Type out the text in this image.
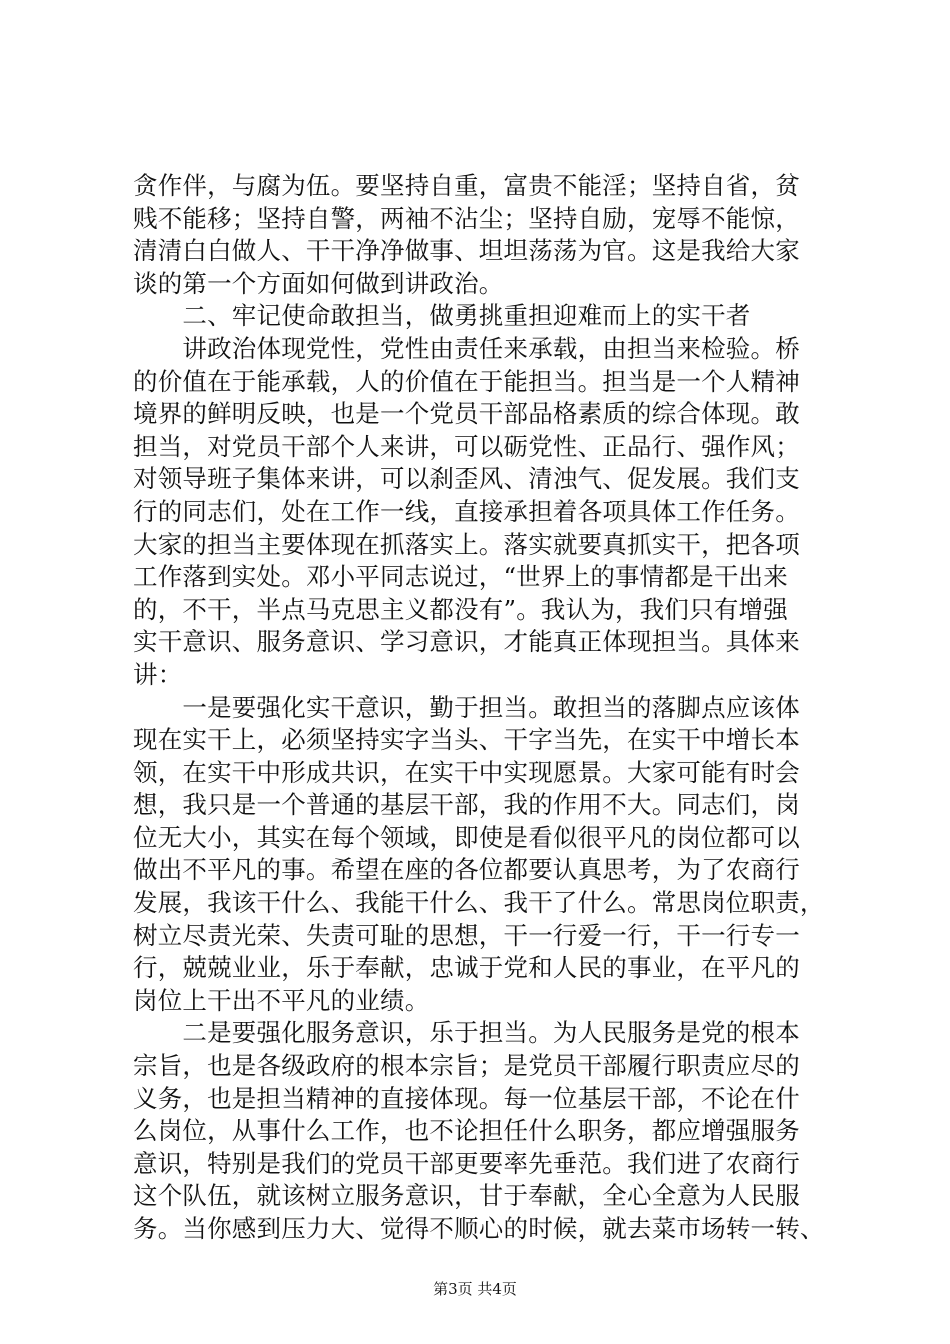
贪作伴，与腐为伍。要坚持自重，富贵不能淫；坚持自省，贫
贱不能移；坚持自警，两袖不沾尘；坚持自励，宠辱不能惊，
清清白白做人、干干净净做事、坦坦荡荡为官。这是我给大家
谈的第一个方面如何做到讲政治。
　　二、牢记使命敢担当，做勇挑重担迎难而上的实干者
　　讲政治体现党性，党性由责任来承载，由担当来检验。桥
的价值在于能承载，人的价值在于能担当。担当是一个人精神
境界的鲜明反映，也是一个党员干部品格素质的综合体现。敢
担当，对党员干部个人来讲，可以砺党性、正品行、强作风；
对领导班子集体来讲，可以刹歪风、清浊气、促发展。我们支
行的同志们，处在工作一线，直接承担着各项具体工作任务。
大家的担当主要体现在抓落实上。落实就要真抓实干，把各项
工作落到实处。邓小平同志说过，“世界上的事情都是干出来
的，不干，半点马克思主义都没有”。我认为，我们只有增强
实干意识、服务意识、学习意识，才能真正体现担当。具体来
讲：
　　一是要强化实干意识，勤于担当。敢担当的落脚点应该体
现在实干上，必须坚持实字当头、干字当先，在实干中增长本
领，在实干中形成共识，在实干中实现愿景。大家可能有时会
想，我只是一个普通的基层干部，我的作用不大。同志们，岗
位无大小，其实在每个领域，即使是看似很平凡的岗位都可以
做出不平凡的事。希望在座的各位都要认真思考，为了农商行
发展，我该干什么、我能干什么、我干了什么。常思岗位职责，
树立尽责光荣、失责可耻的思想，干一行爱一行，干一行专一
行，兢兢业业，乐于奉献，忠诚于党和人民的事业，在平凡的
岗位上干出不平凡的业绩。
　　二是要强化服务意识，乐于担当。为人民服务是党的根本
宗旨，也是各级政府的根本宗旨；是党员干部履行职责应尽的
义务，也是担当精神的直接体现。每一位基层干部，不论在什
么岗位，从事什么工作，也不论担任什么职务，都应增强服务
意识，特别是我们的党员干部更要率先垂范。我们进了农商行
这个队伍，就该树立服务意识，甘于奉献，全心全意为人民服
务。当你感到压力大、觉得不顺心的时候，就去菜市场转一转、
第3页 共4页
